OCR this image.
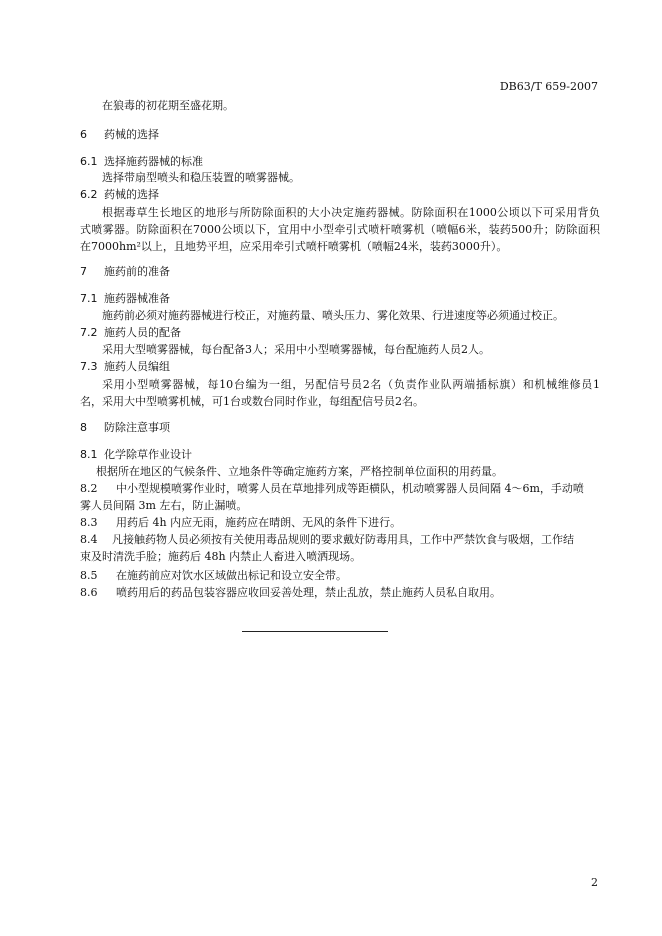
DB63/T 659-2007
在狼毒的初花期至盛花期。
6 药械的选择
6.1 选择施药器械的标准
选择带扇型喷头和稳压装置的喷雾器械。
6.2 药械的选择
根据毒草生长地区的地形与所防除面积的大小决定施药器械。防除面积在1000公顷以下可采用背负
式喷雾器。防除面积在7000公顷以下，宜用中小型牵引式喷杆喷雾机（喷幅6米，装药500升；防除面积
在7000hm²以上，且地势平坦，应采用牵引式喷杆喷雾机（喷幅24米，装药3000升）。
7 施药前的准备
7.1 施药器械准备
施药前必须对施药器械进行校正，对施药量、喷头压力、雾化效果、行进速度等必须通过校正。
7.2 施药人员的配备
采用大型喷雾器械，每台配备3人；采用中小型喷雾器械，每台配施药人员2人。
7.3 施药人员编组
采用小型喷雾器械，每10台编为一组，另配信号员2名（负责作业队两端插标旗）和机械维修员1
名，采用大中型喷雾机械，可1台或数台同时作业，每组配信号员2名。
8 防除注意事项
8.1 化学除草作业设计
根据所在地区的气候条件、立地条件等确定施药方案，严格控制单位面积的用药量。
8.2 中小型规模喷雾作业时，喷雾人员在草地排列成等距横队，机动喷雾器人员间隔 4～6m，手动喷
雾人员间隔 3m 左右，防止漏喷。
8.3 用药后 4h 内应无雨，施药应在晴朗、无风的条件下进行。
8.4 凡接触药物人员必须按有关使用毒品规则的要求戴好防毒用具，工作中严禁饮食与吸烟，工作结
束及时清洗手脸；施药后 48h 内禁止人畜进入喷洒现场。
8.5 在施药前应对饮水区域做出标记和设立安全带。
8.6 喷药用后的药品包装容器应收回妥善处理，禁止乱放，禁止施药人员私自取用。
2
